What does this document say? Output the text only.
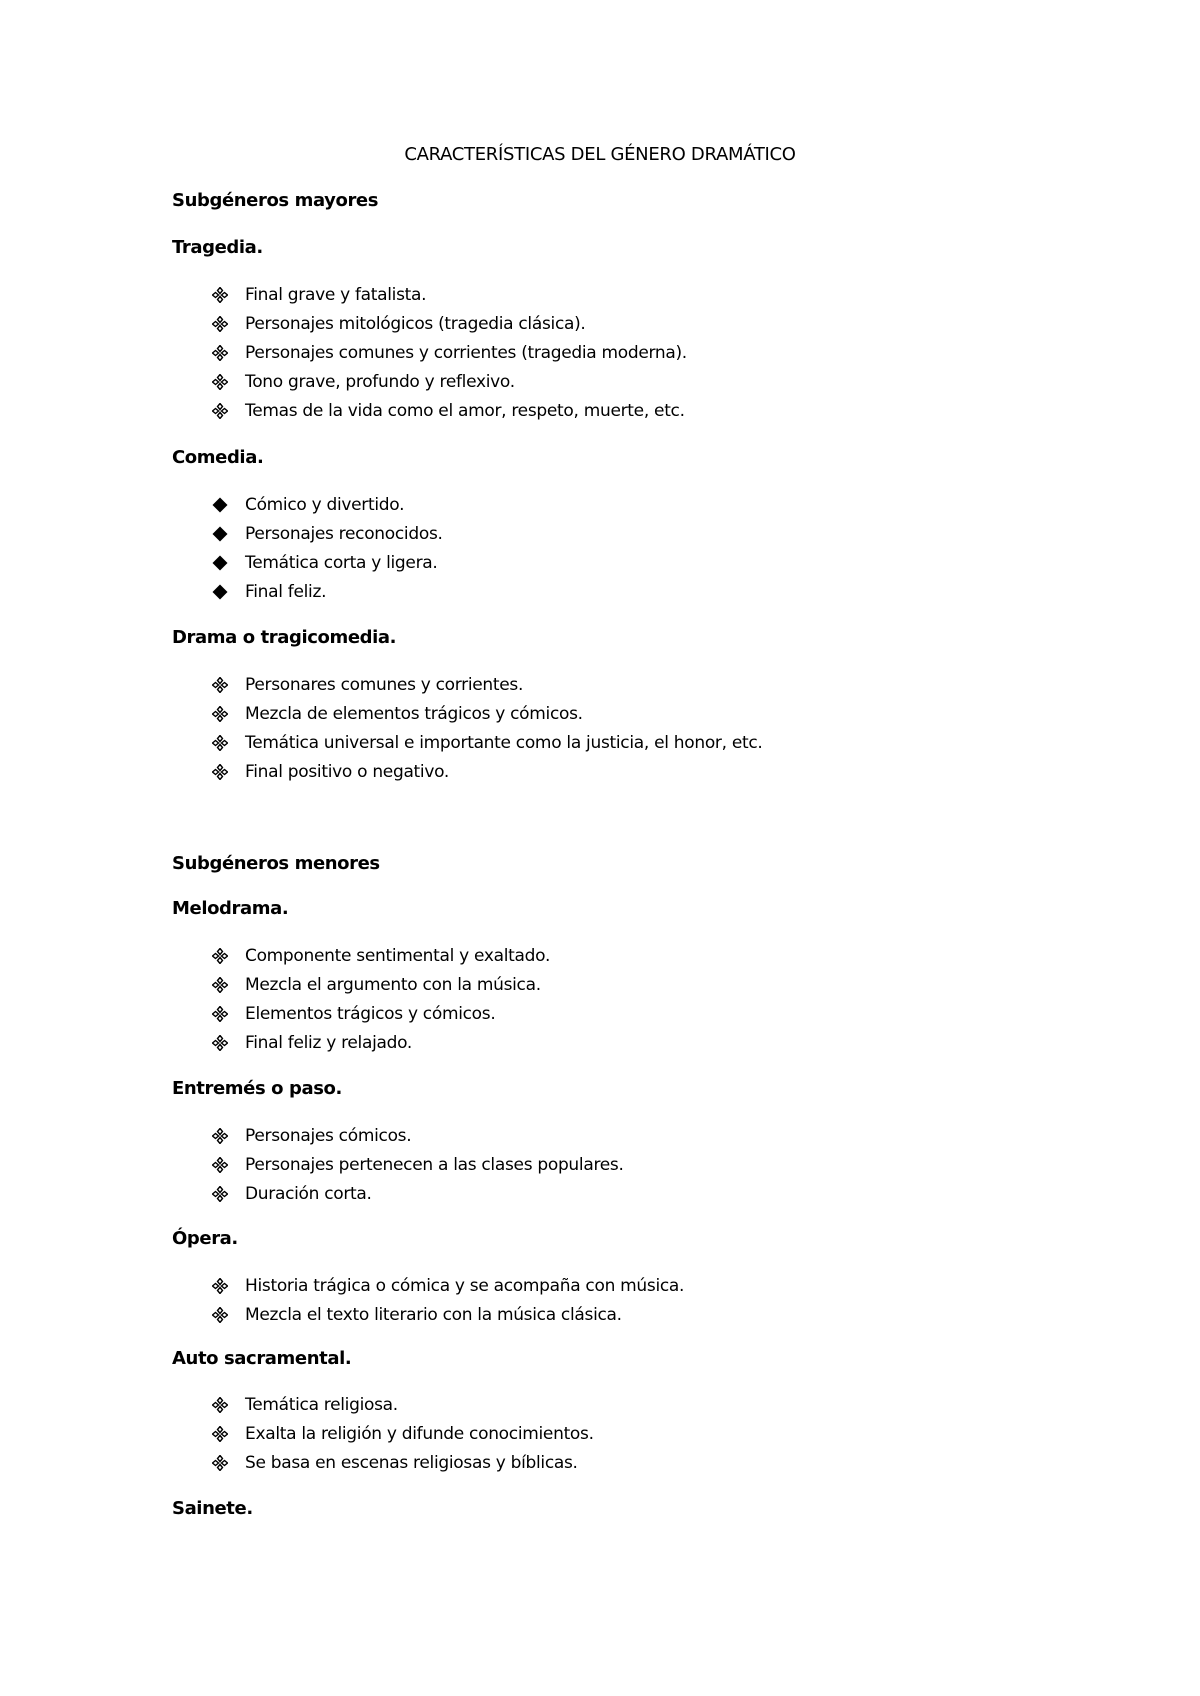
CARACTERÍSTICAS DEL GÉNERO DRAMÁTICO
Subgéneros mayores
Tragedia.
Final grave y fatalista.
Personajes mitológicos (tragedia clásica).
Personajes comunes y corrientes (tragedia moderna).
Tono grave, profundo y reflexivo.
Temas de la vida como el amor, respeto, muerte, etc.
Comedia.
Cómico y divertido.
Personajes reconocidos.
Temática corta y ligera.
Final feliz.
Drama o tragicomedia.
Personares comunes y corrientes.
Mezcla de elementos trágicos y cómicos.
Temática universal e importante como la justicia, el honor, etc.
Final positivo o negativo.
Subgéneros menores
Melodrama.
Componente sentimental y exaltado.
Mezcla el argumento con la música.
Elementos trágicos y cómicos.
Final feliz y relajado.
Entremés o paso.
Personajes cómicos.
Personajes pertenecen a las clases populares.
Duración corta.
Ópera.
Historia trágica o cómica y se acompaña con música.
Mezcla el texto literario con la música clásica.
Auto sacramental.
Temática religiosa.
Exalta la religión y difunde conocimientos.
Se basa en escenas religiosas y bíblicas.
Sainete.
